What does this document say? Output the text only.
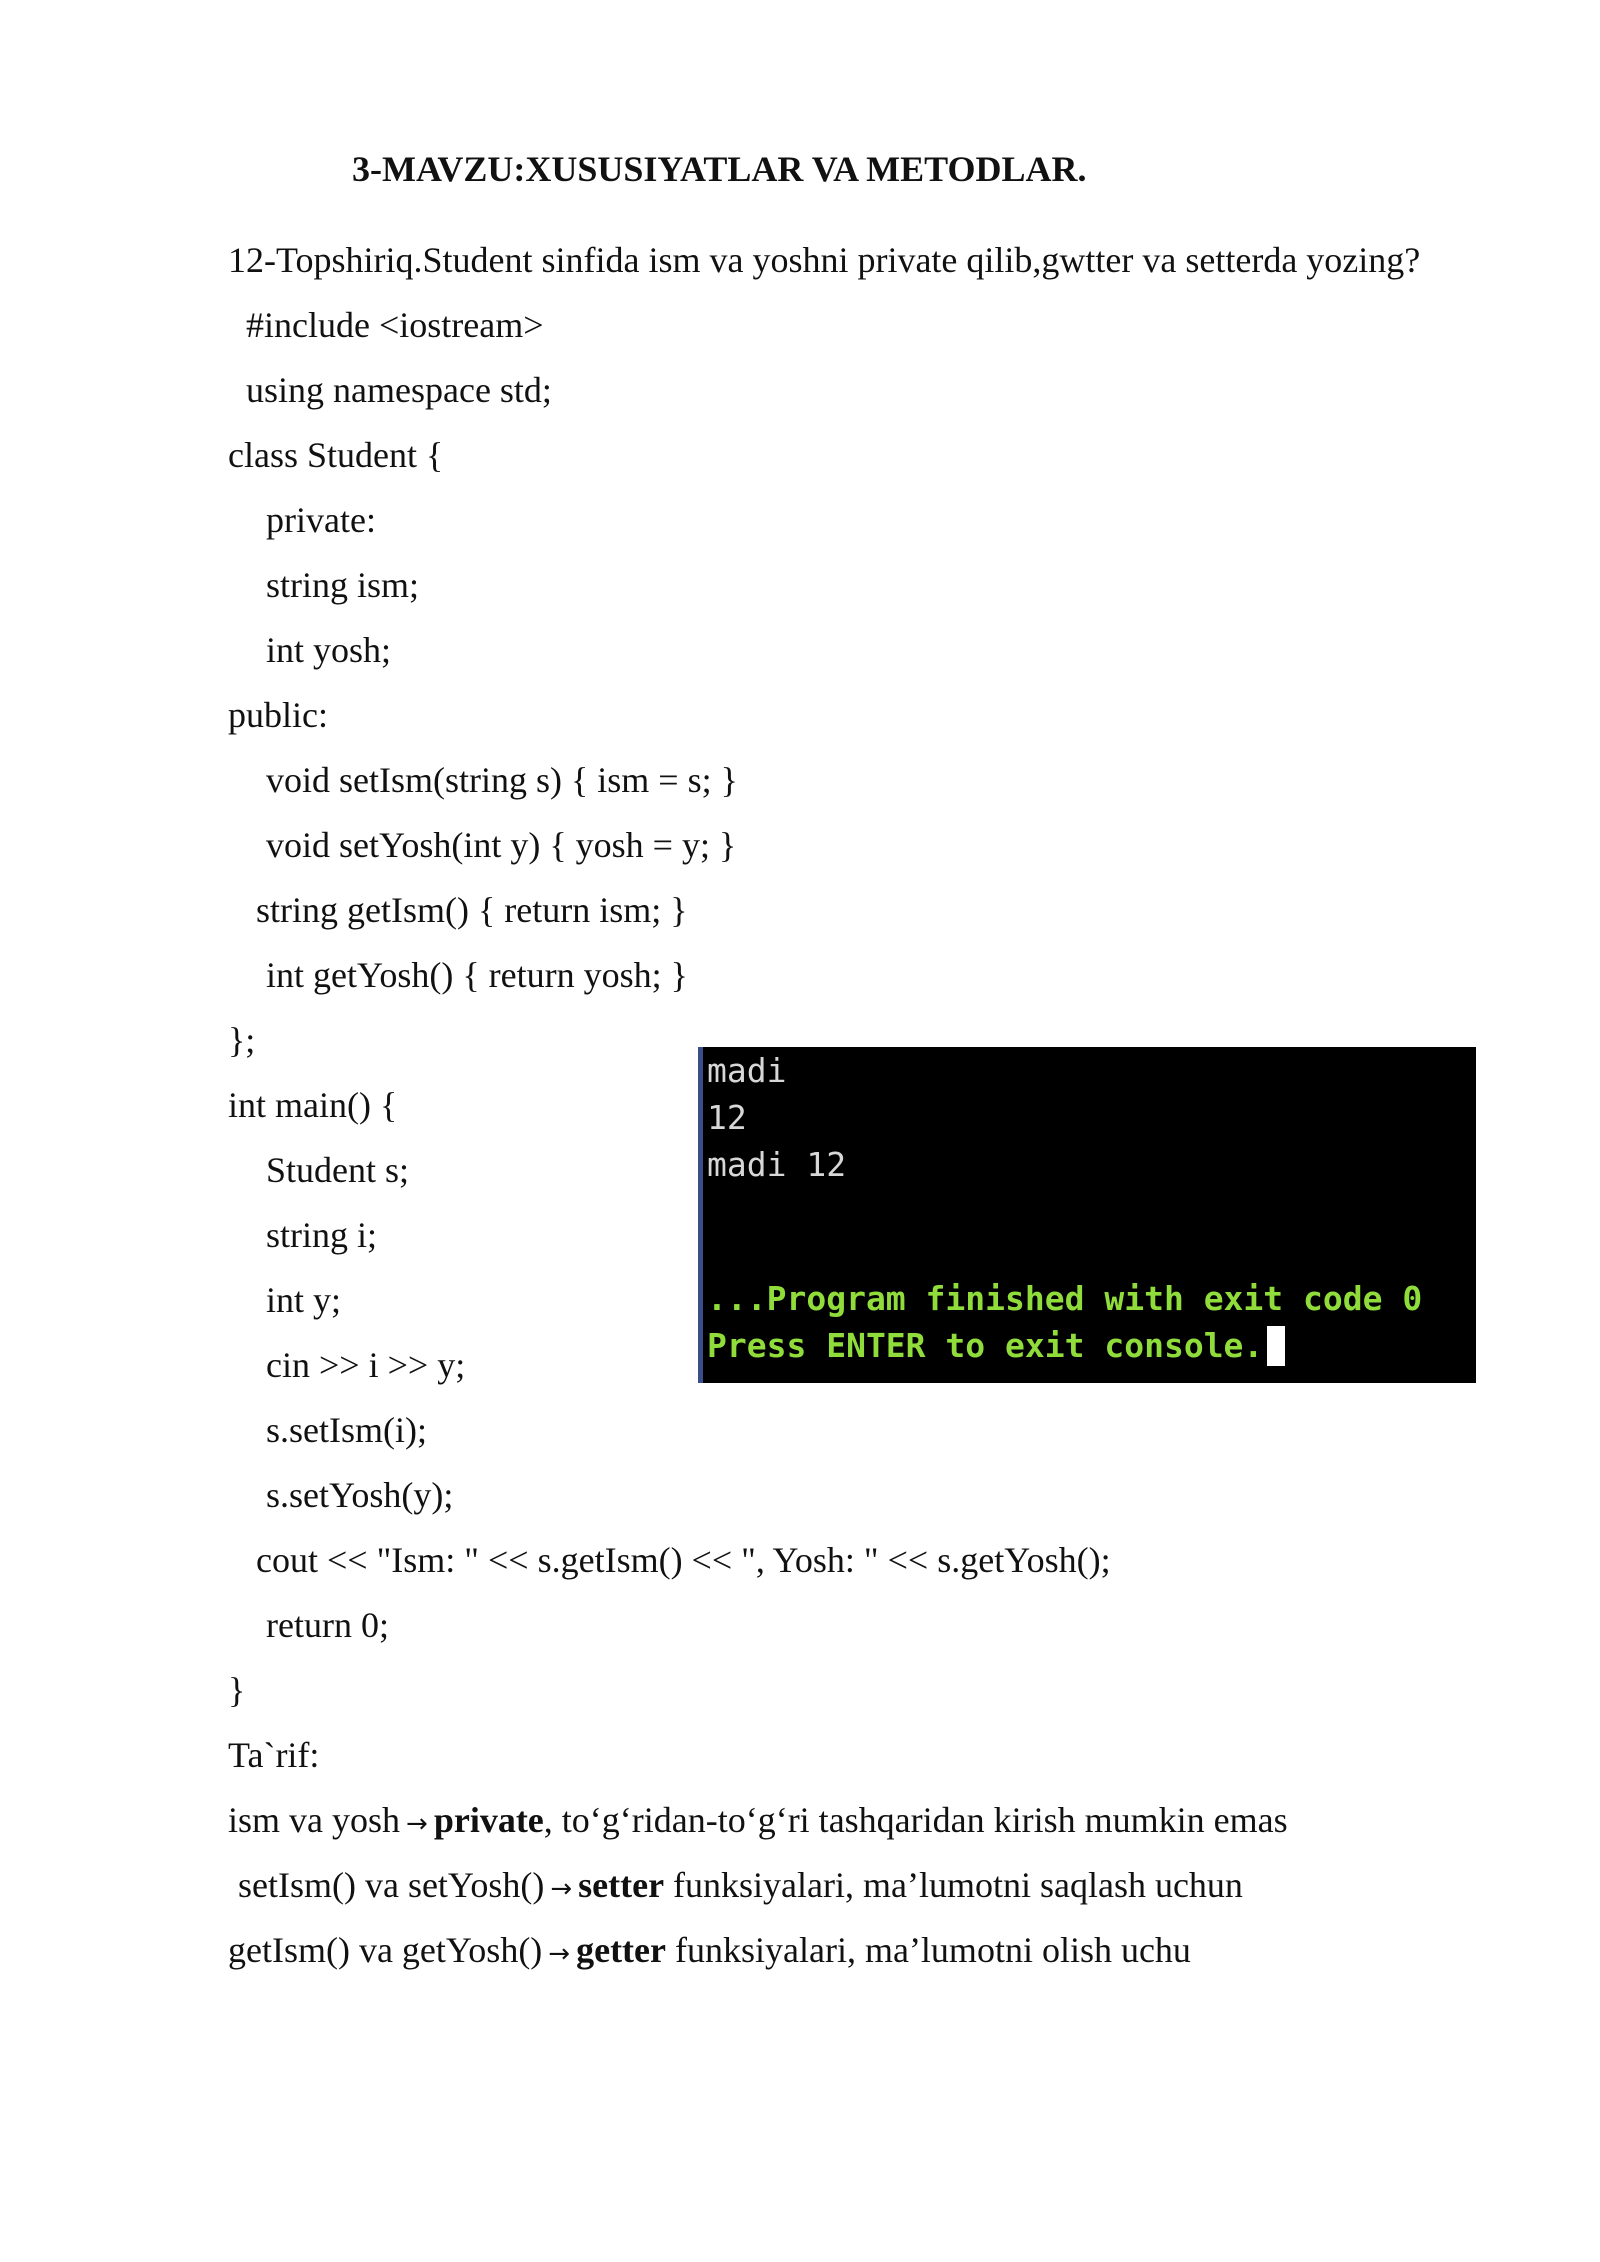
3-MAVZU:XUSUSIYATLAR VA METODLAR.
12-Topshiriq.Student sinfida ism va yoshni private qilib,gwtter va setterda yozing?
#include <iostream>
using namespace std;
class Student {
private:
string ism;
int yosh;
public:
void setIsm(string s) { ism = s; }
void setYosh(int y) { yosh = y; }
string getIsm() { return ism; }
int getYosh() { return yosh; }
};
int main() {
Student s;
string i;
int y;
cin >> i >> y;
s.setIsm(i);
s.setYosh(y);
cout << "Ism: " << s.getIsm() << ", Yosh: " << s.getYosh();
return 0;
}
madi
12
madi 12
...Program finished with exit code 0
Press ENTER to exit console.
Ta`rif:
ism va yosh → private, to‘g‘ridan-to‘g‘ri tashqaridan kirish mumkin emas
setIsm() va setYosh() → setter funksiyalari, ma’lumotni saqlash uchun
getIsm() va getYosh() → getter funksiyalari, ma’lumotni olish uchu
